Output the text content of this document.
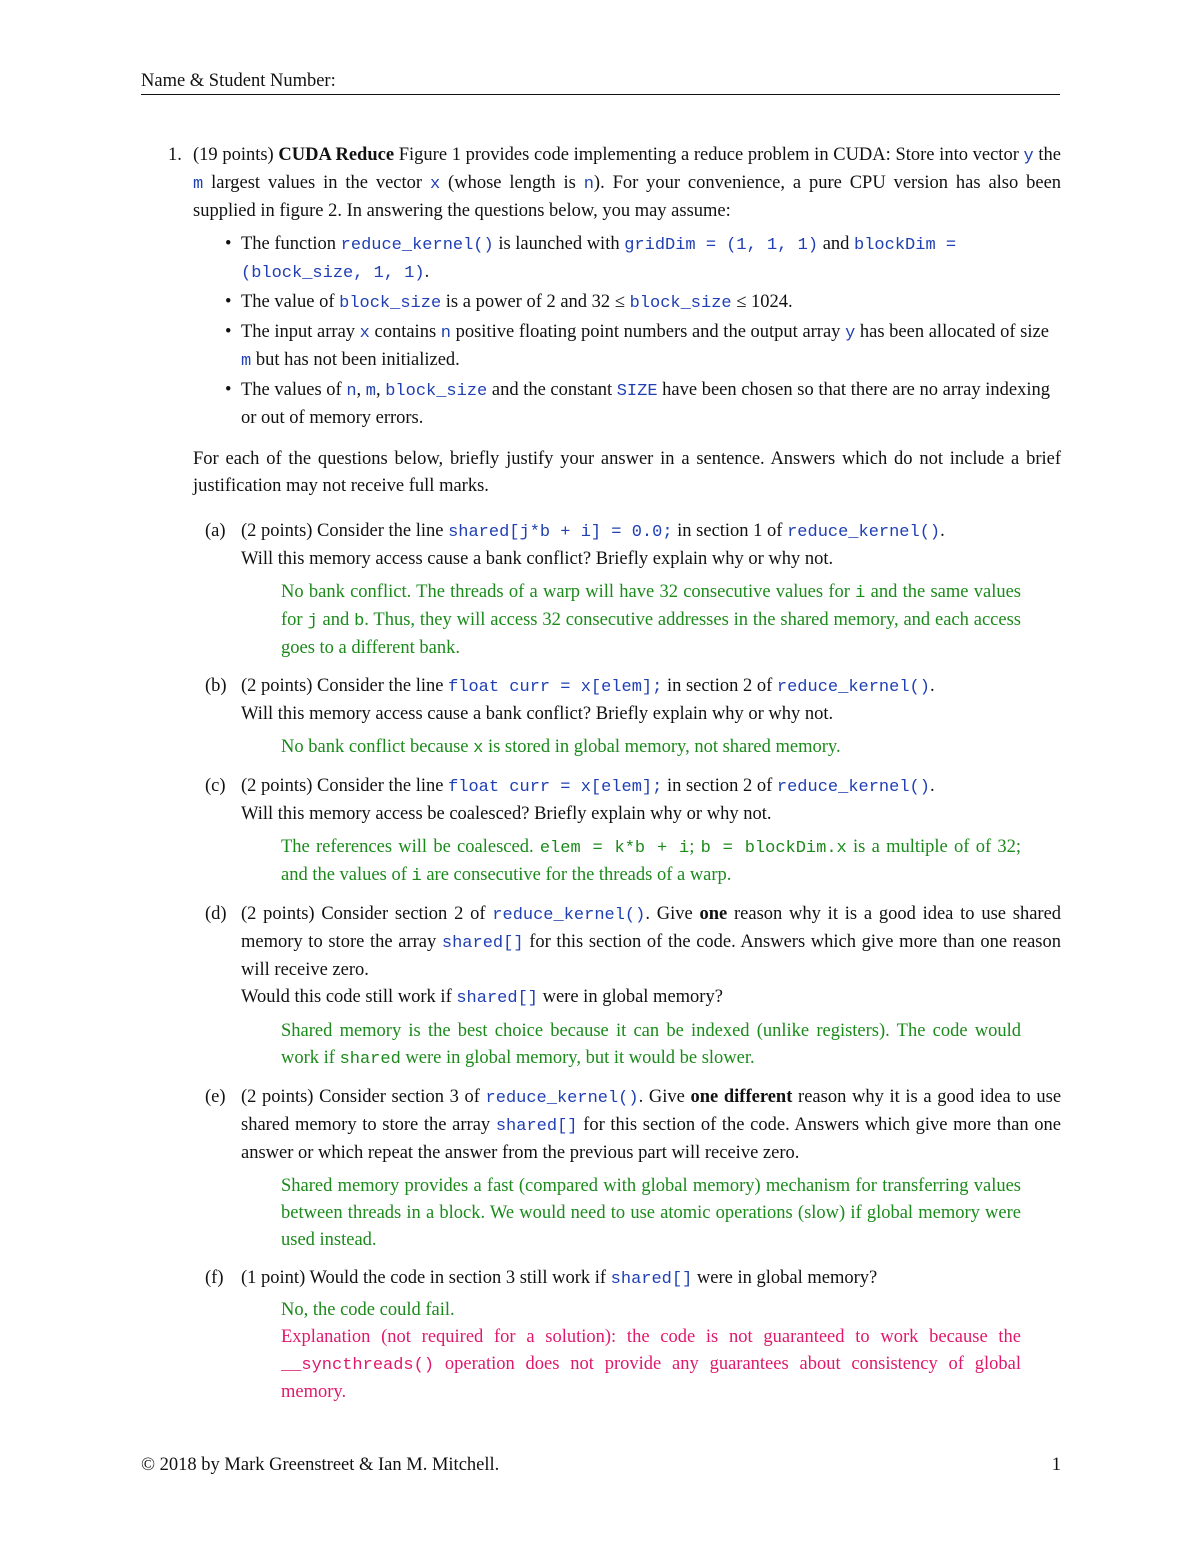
Name & Student Number:
1. (19 points) CUDA Reduce Figure 1 provides code implementing a reduce problem in CUDA: Store into vector y the m largest values in the vector x (whose length is n). For your convenience, a pure CPU version has also been supplied in figure 2. In answering the questions below, you may assume:

• The function reduce_kernel() is launched with gridDim = (1, 1, 1) and blockDim = (block_size, 1, 1).
• The value of block_size is a power of 2 and 32 ≤ block_size ≤ 1024.
• The input array x contains n positive floating point numbers and the output array y has been allocated of size m but has not been initialized.
• The values of n, m, block_size and the constant SIZE have been chosen so that there are no array indexing or out of memory errors.

For each of the questions below, briefly justify your answer in a sentence. Answers which do not include a brief justification may not receive full marks.

(a) (2 points) Consider the line shared[j*b + i] = 0.0; in section 1 of reduce_kernel().
Will this memory access cause a bank conflict? Briefly explain why or why not.
No bank conflict. The threads of a warp will have 32 consecutive values for i and the same values for j and b. Thus, they will access 32 consecutive addresses in the shared memory, and each access goes to a different bank.
(b) (2 points) Consider the line float curr = x[elem]; in section 2 of reduce_kernel().
Will this memory access cause a bank conflict? Briefly explain why or why not.
No bank conflict because x is stored in global memory, not shared memory.
(c) (2 points) Consider the line float curr = x[elem]; in section 2 of reduce_kernel().
Will this memory access be coalesced? Briefly explain why or why not.
The references will be coalesced. elem = k*b + i; b = blockDim.x is a multiple of of 32; and the values of i are consecutive for the threads of a warp.
(d) (2 points) Consider section 2 of reduce_kernel(). Give one reason why it is a good idea to use shared memory to store the array shared[] for this section of the code. Answers which give more than one reason will receive zero.
Would this code still work if shared[] were in global memory?
Shared memory is the best choice because it can be indexed (unlike registers). The code would work if shared were in global memory, but it would be slower.
(e) (2 points) Consider section 3 of reduce_kernel(). Give one different reason why it is a good idea to use shared memory to store the array shared[] for this section of the code. Answers which give more than one answer or which repeat the answer from the previous part will receive zero.
Shared memory provides a fast (compared with global memory) mechanism for transferring values between threads in a block. We would need to use atomic operations (slow) if global memory were used instead.
(f) (1 point) Would the code in section 3 still work if shared[] were in global memory?
No, the code could fail.
Explanation (not required for a solution): the code is not guaranteed to work because the __syncthreads() operation does not provide any guarantees about consistency of global memory.
© 2018 by Mark Greenstreet & Ian M. Mitchell.	1
